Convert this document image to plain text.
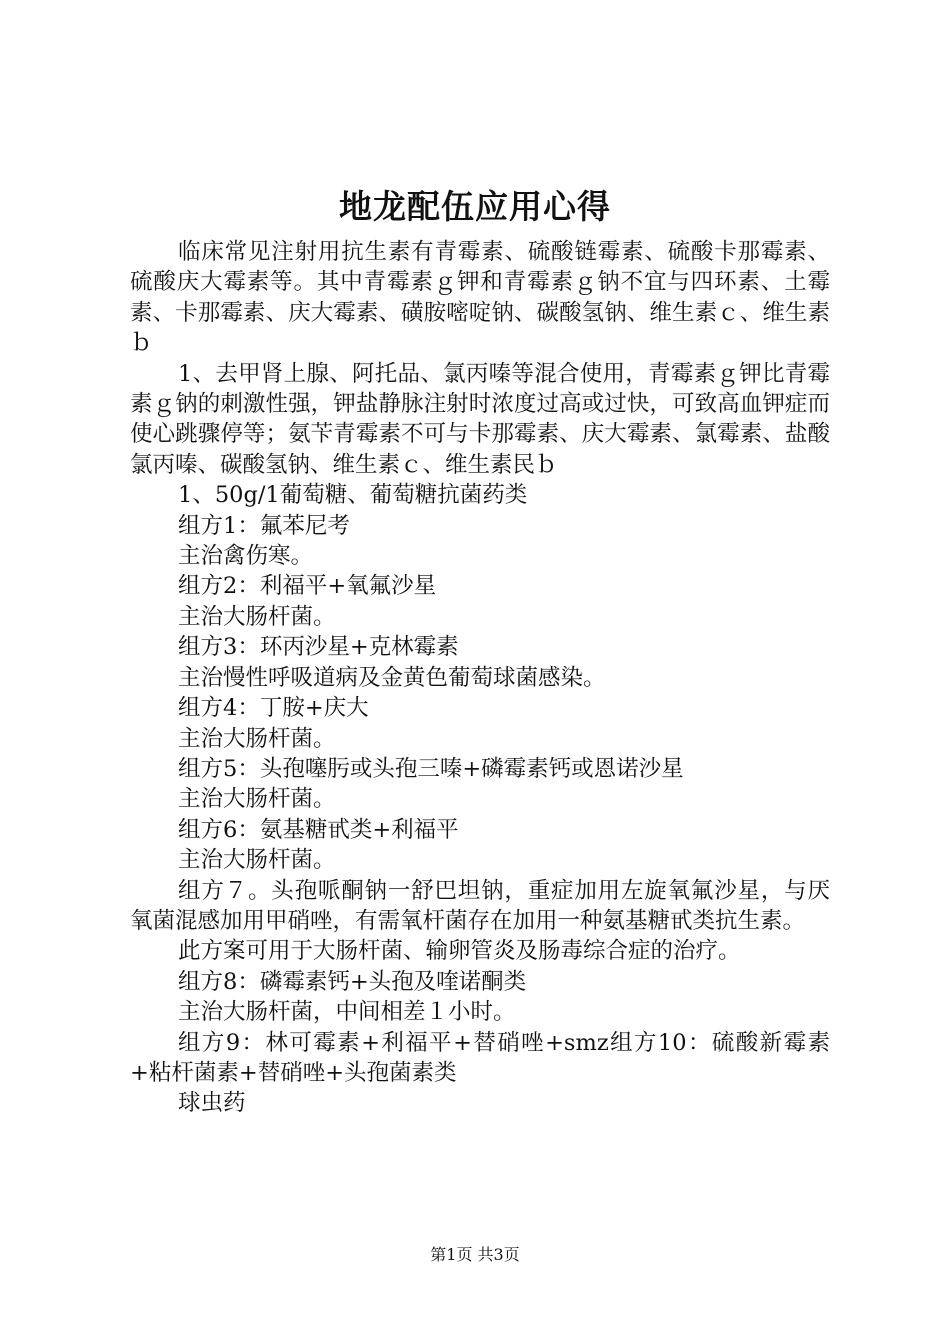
地龙配伍应用心得

临床常见注射用抗生素有青霉素、硫酸链霉素、硫酸卡那霉素、硫酸庆大霉素等。其中青霉素ｇ钾和青霉素ｇ钠不宜与四环素、土霉素、卡那霉素、庆大霉素、磺胺嘧啶钠、碳酸氢钠、维生素ｃ、维生素ｂ

1、去甲肾上腺、阿托品、氯丙嗪等混合使用，青霉素ｇ钾比青霉素ｇ钠的刺激性强，钾盐静脉注射时浓度过高或过快，可致高血钾症而使心跳骤停等；氨苄青霉素不可与卡那霉素、庆大霉素、氯霉素、盐酸氯丙嗪、碳酸氢钠、维生素ｃ、维生素民ｂ

1、50g/1葡萄糖、葡萄糖抗菌药类

组方1：氟苯尼考

主治禽伤寒。

组方2：利福平+氧氟沙星

主治大肠杆菌。

组方3：环丙沙星+克林霉素

主治慢性呼吸道病及金黄色葡萄球菌感染。

组方4：丁胺+庆大

主治大肠杆菌。

组方5：头孢噻肟或头孢三嗪+磷霉素钙或恩诺沙星

主治大肠杆菌。

组方6：氨基糖甙类+利福平

主治大肠杆菌。

组方７。头孢哌酮钠一舒巴坦钠，重症加用左旋氧氟沙星，与厌氧菌混感加用甲硝唑，有需氧杆菌存在加用一种氨基糖甙类抗生素。

此方案可用于大肠杆菌、输卵管炎及肠毒综合症的治疗。

组方8：磷霉素钙+头孢及喹诺酮类

主治大肠杆菌，中间相差１小时。

组方9：林可霉素+利福平+替硝唑+smz组方10：硫酸新霉素+粘杆菌素+替硝唑+头孢菌素类

球虫药

第1页 共3页
